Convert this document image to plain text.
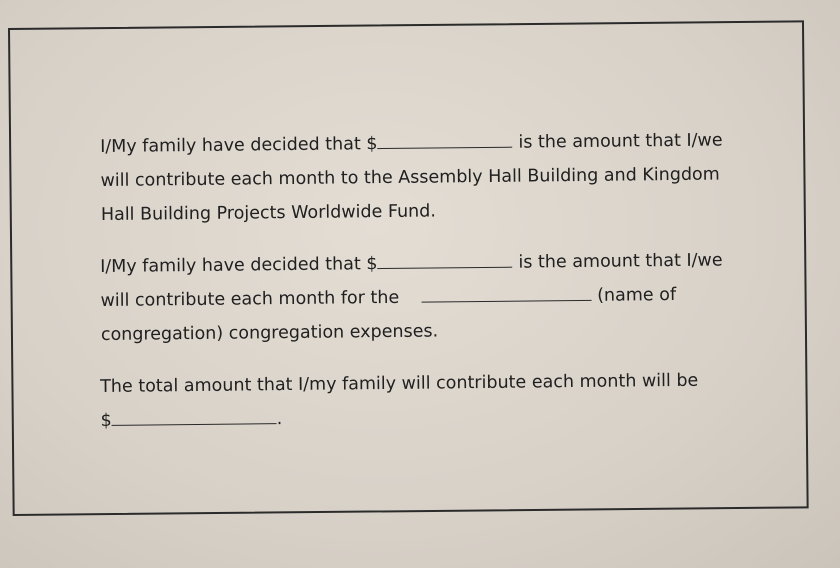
I/My family have decided that $	is the amount that I/we
will contribute each month to the Assembly Hall Building and Kingdom
Hall Building Projects Worldwide Fund.
I/My family have decided that $	is the amount that I/we
will contribute each month for the	(name of
congregation) congregation expenses.
The total amount that I/my family will contribute each month will be
$	.
